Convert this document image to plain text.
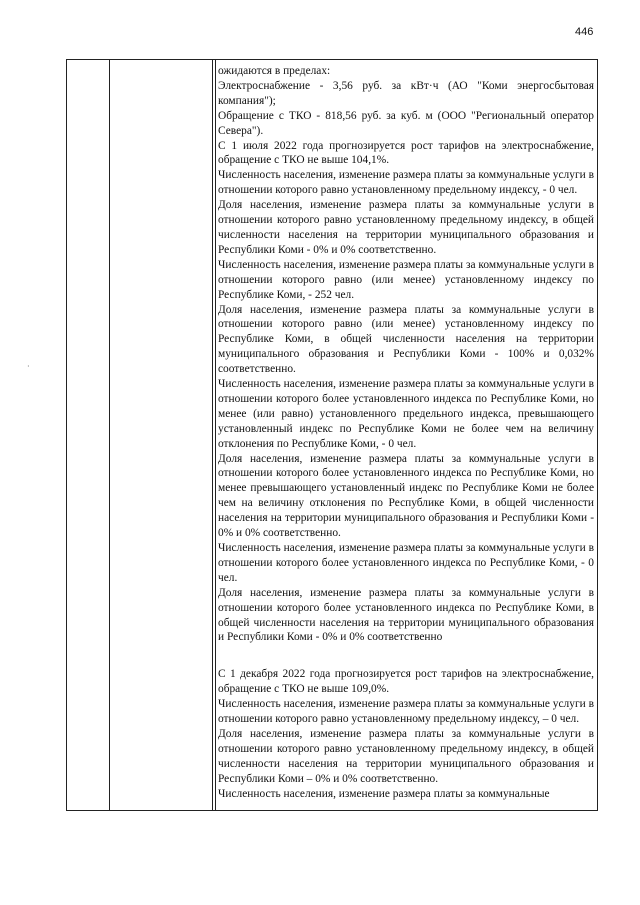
446
·

ожидаются в пределах:

Электроснабжение - 3,56 руб. за кВт·ч (АО "Коми энергосбытовая компания");

Обращение с ТКО - 818,56 руб. за куб. м (ООО "Региональный оператор Севера").

С 1 июля 2022 года прогнозируется рост тарифов на электроснабжение, обращение с ТКО не выше 104,1%.

Численность населения, изменение размера платы за коммунальные услуги в отношении которого равно установленному предельному индексу, - 0 чел.

Доля населения, изменение размера платы за коммунальные услуги в отношении которого равно установленному предельному индексу, в общей численности населения на территории муниципального образования и Республики Коми - 0% и 0% соответственно.

Численность населения, изменение размера платы за коммунальные услуги в отношении которого равно (или менее) установленному индексу по Республике Коми, - 252 чел.

Доля населения, изменение размера платы за коммунальные услуги в отношении которого равно (или менее) установленному индексу по Республике Коми, в общей численности населения на территории муниципального образования и Республики Коми - 100% и 0,032% соответственно.

Численность населения, изменение размера платы за коммунальные услуги в отношении которого более установленного индекса по Республике Коми, но менее (или равно) установленного предельного индекса, превышающего установленный индекс по Республике Коми не более чем на величину отклонения по Республике Коми, - 0 чел.

Доля населения, изменение размера платы за коммунальные услуги в отношении которого более установленного индекса по Республике Коми, но менее превышающего установленный индекс по Республике Коми не более чем на величину отклонения по Республике Коми, в общей численности населения на территории муниципального образования и Республики Коми - 0% и 0% соответственно.

Численность населения, изменение размера платы за коммунальные услуги в отношении которого более установленного индекса по Республике Коми, - 0 чел.

Доля населения, изменение размера платы за коммунальные услуги в отношении которого более установленного индекса по Республике Коми, в общей численности населения на территории муниципального образования и Республики Коми - 0% и 0% соответственно

С 1 декабря 2022 года прогнозируется рост тарифов на электроснабжение, обращение с ТКО не выше 109,0%.

Численность населения, изменение размера платы за коммунальные услуги в отношении которого равно установленному предельному индексу, – 0 чел.

Доля населения, изменение размера платы за коммунальные услуги в отношении которого равно установленному предельному индексу, в общей численности населения на территории муниципального образования и Республики Коми – 0% и 0% соответственно.

Численность населения, изменение размера платы за коммунальные
